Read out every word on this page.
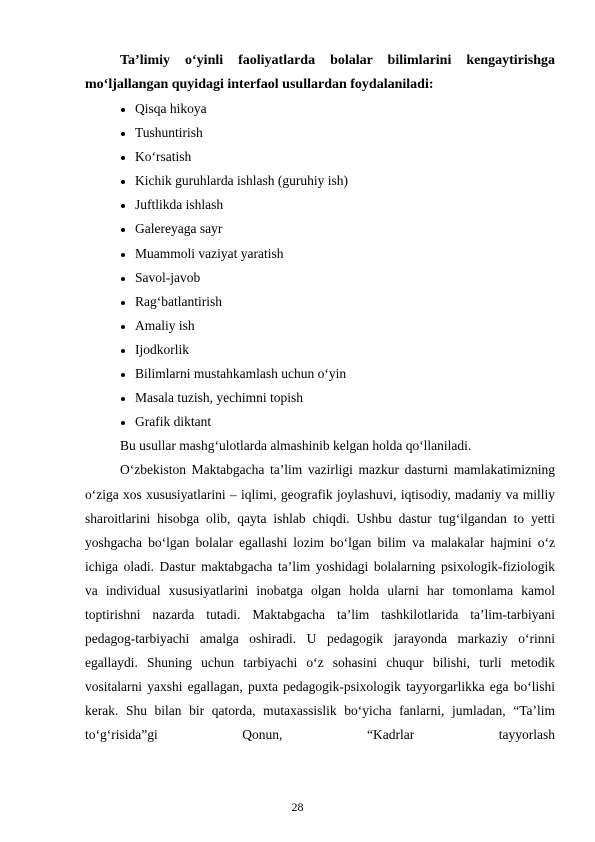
Ta’limiy o‘yinli faoliyatlarda bolalar bilimlarini kengaytirishga mo‘ljallangan quyidagi interfaol usullardan foydalaniladi:

Qisqa hikoya
Tushuntirish
Ko‘rsatish
Kichik guruhlarda ishlash (guruhiy ish)
Juftlikda ishlash
Galereyaga sayr
Muammoli vaziyat yaratish
Savol-javob
Rag‘batlantirish
Amaliy ish
Ijodkorlik
Bilimlarni mustahkamlash uchun o‘yin
Masala tuzish, yechimni topish
Grafik diktant

Bu usullar mashg‘ulotlarda almashinib kelgan holda qo‘llaniladi.

O‘zbekiston Maktabgacha ta’lim vazirligi mazkur dasturni mamlakatimizning o‘ziga xos xususiyatlarini – iqlimi, geografik joylashuvi, iqtisodiy, madaniy va milliy sharoitlarini hisobga olib, qayta ishlab chiqdi. Ushbu dastur tug‘ilgandan to yetti yoshgacha bo‘lgan bolalar egallashi lozim bo‘lgan bilim va malakalar hajmini o‘z ichiga oladi. Dastur maktabgacha ta’lim yoshidagi bolalarning psixologik-fiziologik va individual xususiyatlarini inobatga olgan holda ularni har tomonlama kamol toptirishni nazarda tutadi. Maktabgacha ta’lim tashkilotlarida ta’lim-tarbiyani pedagog-tarbiyachi amalga oshiradi. U pedagogik jarayonda markaziy o‘rinni egallaydi. Shuning uchun tarbiyachi o‘z sohasini chuqur bilishi, turli metodik vositalarni yaxshi egallagan, puxta pedagogik-psixologik tayyorgarlikka ega bo‘lishi kerak. Shu bilan bir qatorda, mutaxassislik bo‘yicha fanlarni, jumladan, “Ta’lim to‘g‘risida”gi Qonun, “Kadrlar tayyorlash

28
